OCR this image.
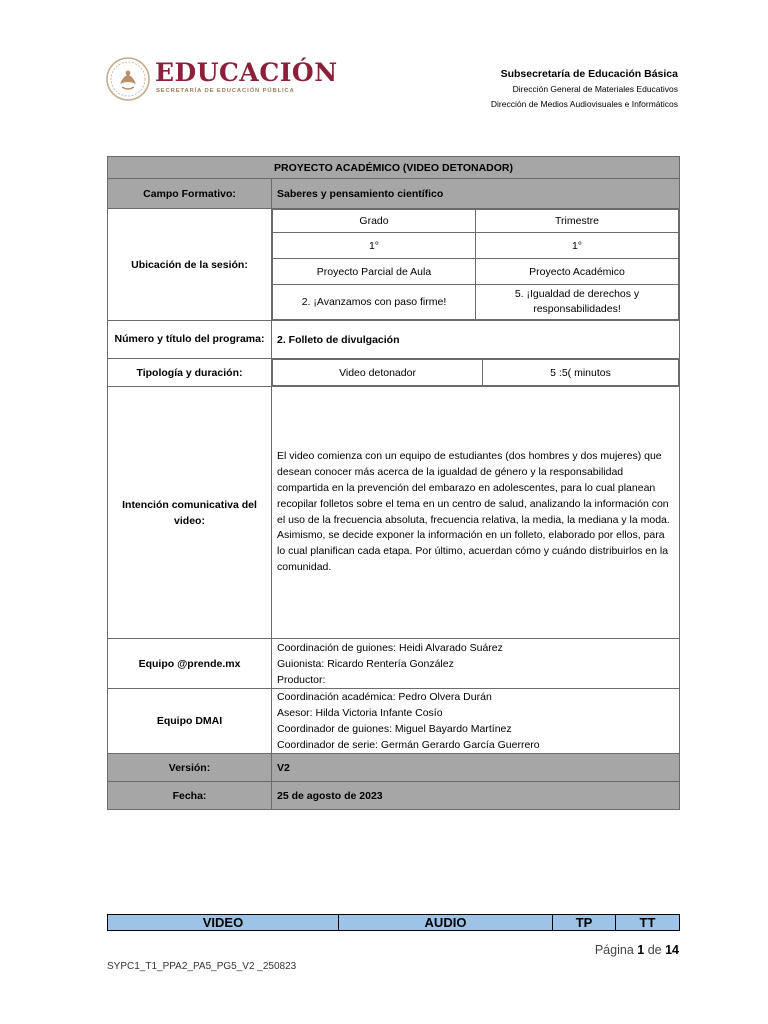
EDUCACIÓN
SECRETARÍA DE EDUCACIÓN PÚBLICA
Subsecretaría de Educación Básica
Dirección General de Materiales Educativos
Dirección de Medios Audiovisuales e Informáticos
PROYECTO ACADÉMICO (VIDEO DETONADOR)
Campo Formativo:	Saberes y pensamiento científico
Ubicación de la sesión:	
Grado	Trimestre
1°	1°
Proyecto Parcial de Aula	Proyecto Académico
2. ¡Avanzamos con paso firme!	5. ¡Igualdad de derechos y responsabilidades!

Número y título del programa:	2. Folleto de divulgación
Tipología y duración:		Video detonador	5 :5( minutos

Intención comunicativa del video:	El video comienza con un equipo de estudiantes (dos hombres y dos mujeres) que desean conocer más acerca de la igualdad de género y la responsabilidad compartida en la prevención del embarazo en adolescentes, para lo cual planean recopilar folletos sobre el tema en un centro de salud, analizando la información con el uso de la frecuencia absoluta, frecuencia relativa, la media, la mediana y la moda. Asimismo, se decide exponer la información en un folleto, elaborado por ellos, para lo cual planifican cada etapa. Por último, acuerdan cómo y cuándo distribuirlos en la comunidad.
Equipo @prende.mx	
Coordinación de guiones: Heidi Alvarado Suárez
Guionista: Ricardo Rentería González
Productor:

Equipo DMAI	
Coordinación académica: Pedro Olvera Durán
Asesor: Hilda Victoria Infante Cosío
Coordinador de guiones: Miguel Bayardo Martínez
Coordinador de serie: Germán Gerardo García Guerrero

Versión:	V2
Fecha:	25 de agosto de 2023
VIDEO	AUDIO	TP	TT
Página 1 de 14
SYPC1_T1_PPA2_PA5_PG5_V2 _250823
